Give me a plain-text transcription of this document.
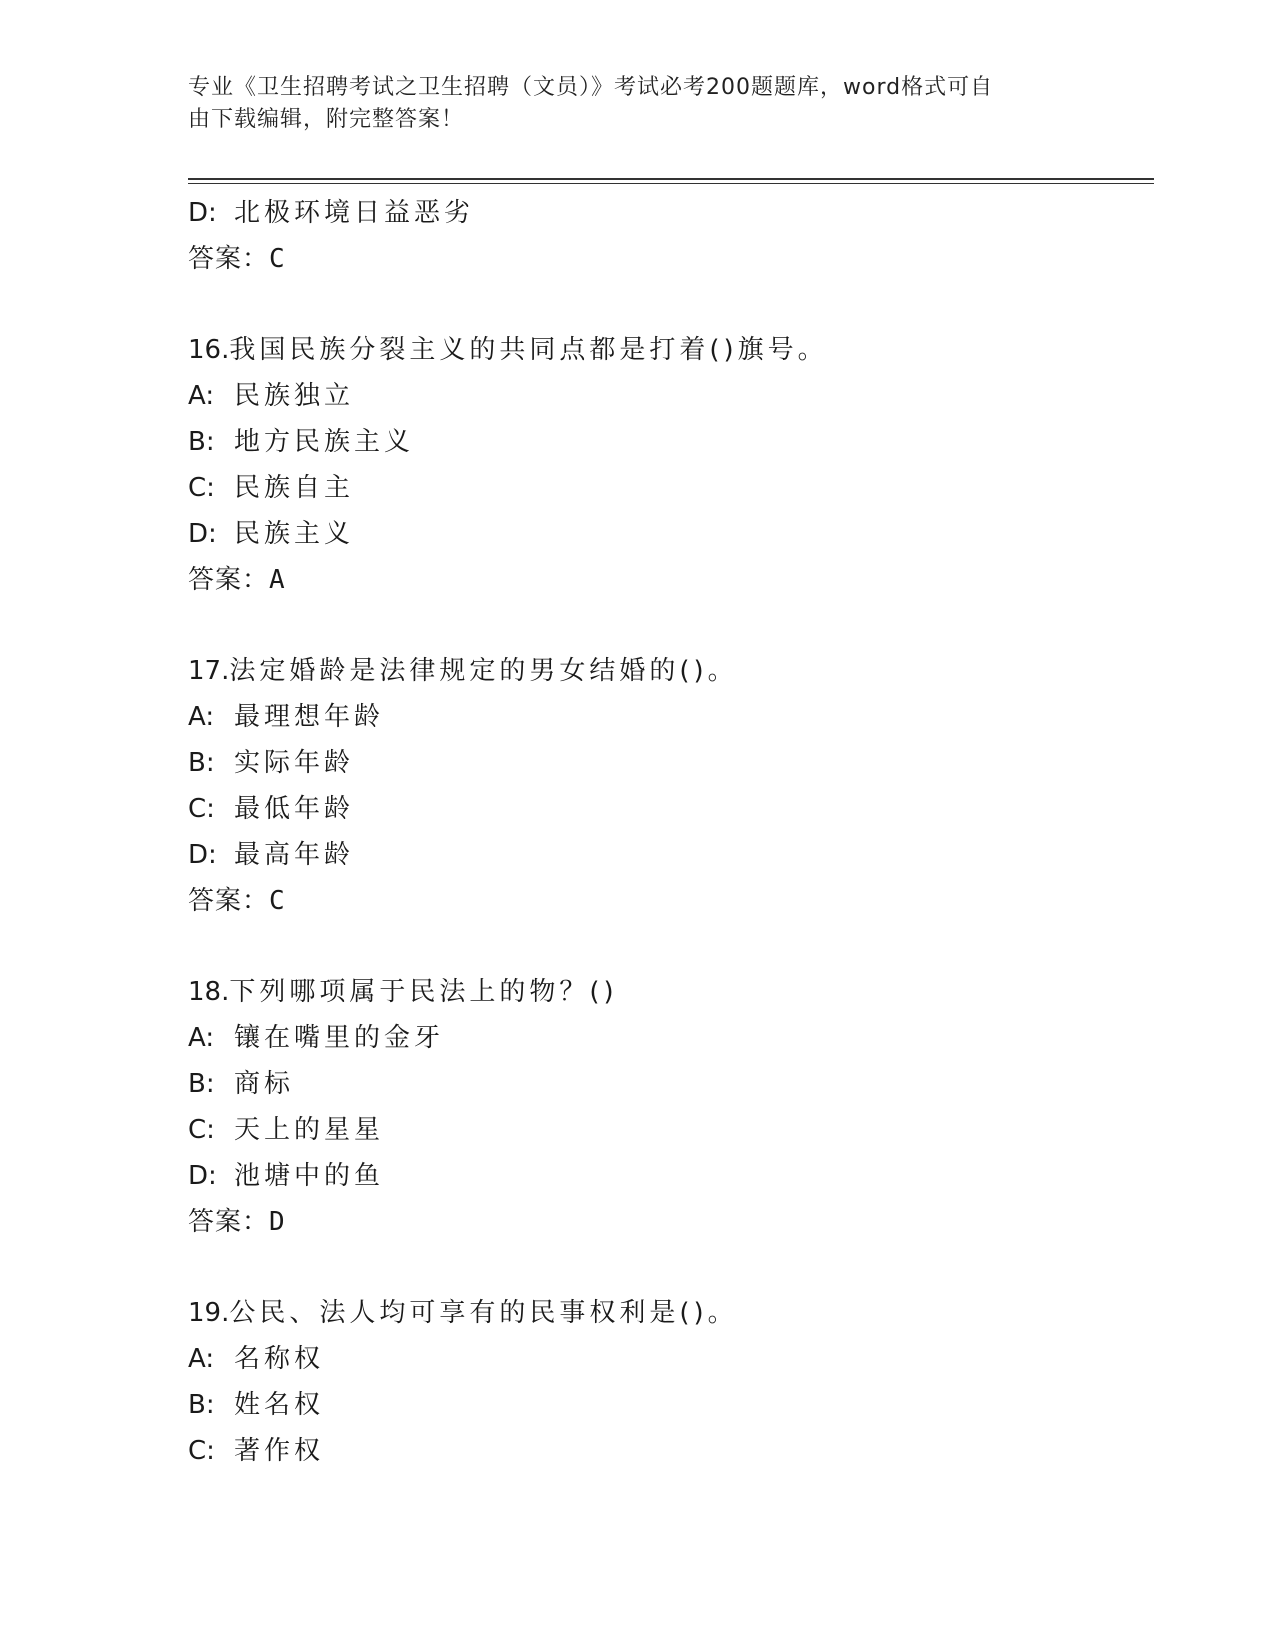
专业《卫生招聘考试之卫生招聘（文员）》考试必考200题题库，word格式可自
由下载编辑，附完整答案！
D: 北极环境日益恶劣
答案：C
16.我国民族分裂主义的共同点都是打着()旗号。
A: 民族独立
B: 地方民族主义
C: 民族自主
D: 民族主义
答案：A
17.法定婚龄是法律规定的男女结婚的()。
A: 最理想年龄
B: 实际年龄
C: 最低年龄
D: 最高年龄
答案：C
18.下列哪项属于民法上的物？()
A: 镶在嘴里的金牙
B: 商标
C: 天上的星星
D: 池塘中的鱼
答案：D
19.公民、法人均可享有的民事权利是()。
A: 名称权
B: 姓名权
C: 著作权
